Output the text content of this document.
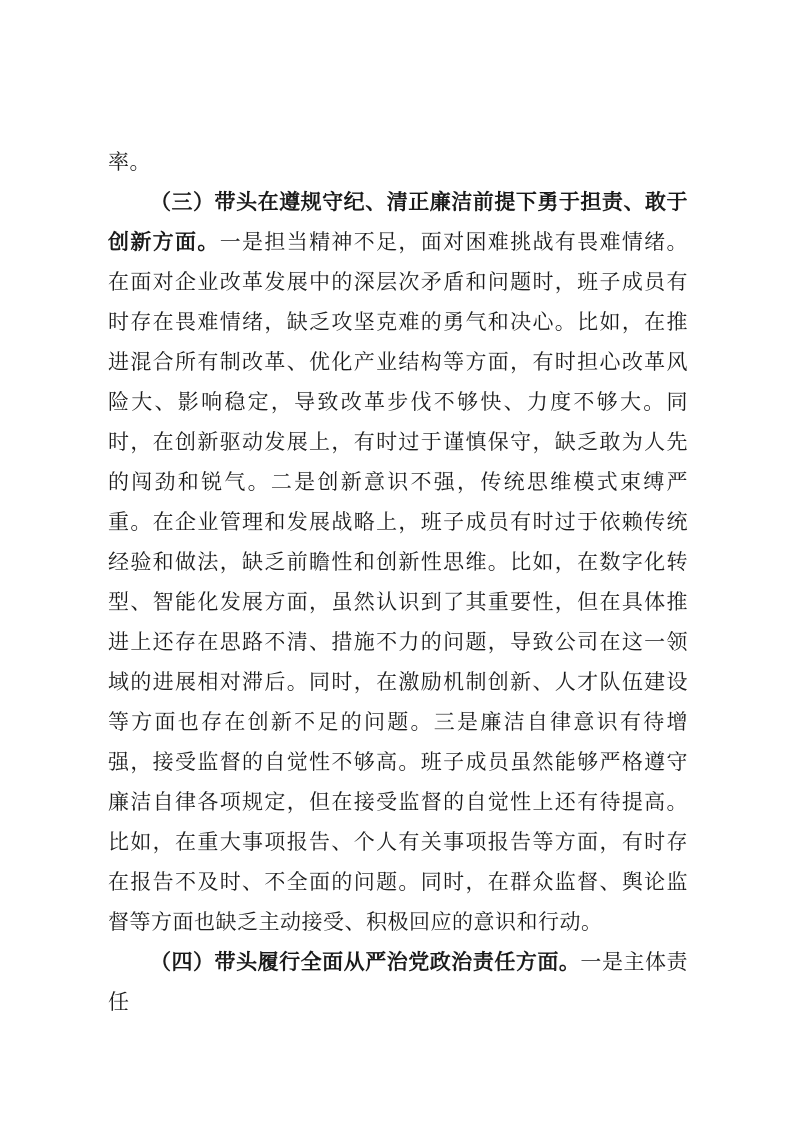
率。

（三）带头在遵规守纪、清正廉洁前提下勇于担责、敢于创新方面。一是担当精神不足，面对困难挑战有畏难情绪。在面对企业改革发展中的深层次矛盾和问题时，班子成员有时存在畏难情绪，缺乏攻坚克难的勇气和决心。比如，在推进混合所有制改革、优化产业结构等方面，有时担心改革风险大、影响稳定，导致改革步伐不够快、力度不够大。同时，在创新驱动发展上，有时过于谨慎保守，缺乏敢为人先的闯劲和锐气。二是创新意识不强，传统思维模式束缚严重。在企业管理和发展战略上，班子成员有时过于依赖传统经验和做法，缺乏前瞻性和创新性思维。比如，在数字化转型、智能化发展方面，虽然认识到了其重要性，但在具体推进上还存在思路不清、措施不力的问题，导致公司在这一领域的进展相对滞后。同时，在激励机制创新、人才队伍建设等方面也存在创新不足的问题。三是廉洁自律意识有待增强，接受监督的自觉性不够高。班子成员虽然能够严格遵守廉洁自律各项规定，但在接受监督的自觉性上还有待提高。比如，在重大事项报告、个人有关事项报告等方面，有时存在报告不及时、不全面的问题。同时，在群众监督、舆论监督等方面也缺乏主动接受、积极回应的意识和行动。

（四）带头履行全面从严治党政治责任方面。一是主体责任
